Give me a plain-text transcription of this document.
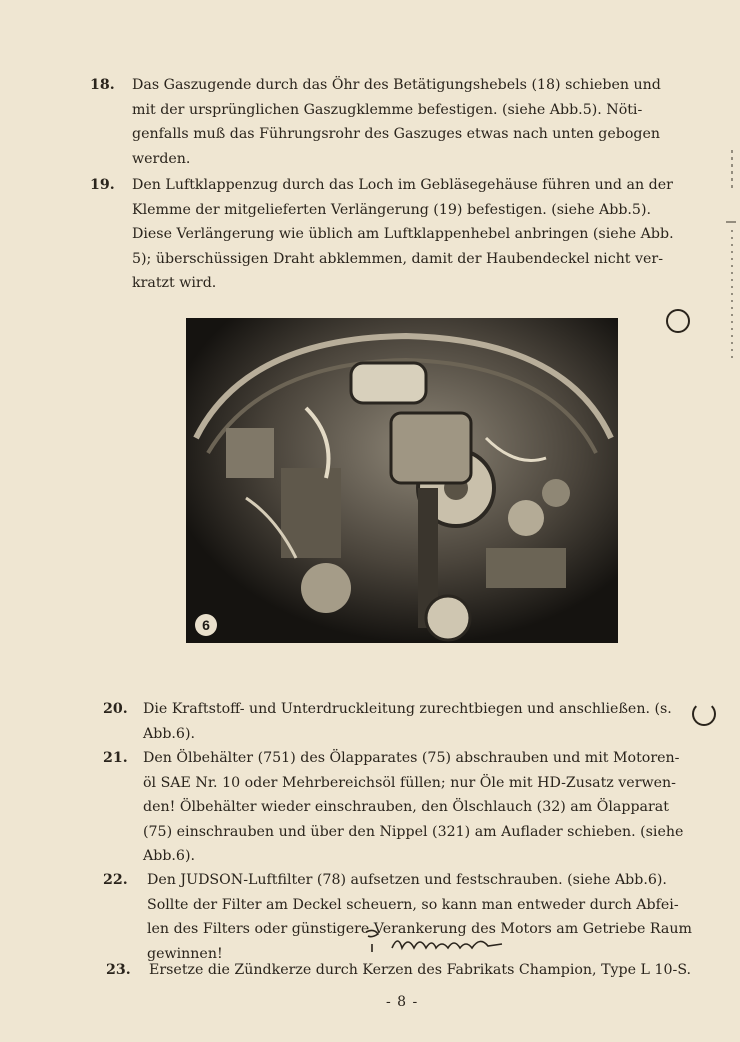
18. Das Gaszugende durch das Öhr des Betätigungshebels (18) schieben und
mit der ursprünglichen Gaszugklemme befestigen. (siehe Abb.5). Nöti-
genfalls muß das Führungsrohr des Gaszuges etwas nach unten gebogen
werden.
19. Den Luftklappenzug durch das Loch im Gebläsegehäuse führen und an der
Klemme der mitgelieferten Verlängerung (19) befestigen. (siehe Abb.5).
Diese Verlängerung wie üblich am Luftklappenhebel anbringen (siehe Abb.
5); überschüssigen Draht abklemmen, damit der Haubendeckel nicht ver-
kratzt wird.
6
20. Die Kraftstoff- und Unterdruckleitung zurechtbiegen und anschließen. (s.
Abb.6).
21. Den Ölbehälter (751) des Ölapparates (75) abschrauben und mit Motoren-
öl SAE Nr. 10 oder Mehrbereichsöl füllen; nur Öle mit HD-Zusatz verwen-
den! Ölbehälter wieder einschrauben, den Ölschlauch (32) am Ölapparat
(75) einschrauben und über den Nippel (321) am Auflader schieben. (siehe
Abb.6).
22. Den JUDSON-Luftfilter (78) aufsetzen und festschrauben. (siehe Abb.6).
Sollte der Filter am Deckel scheuern, so kann man entweder durch Abfei-
len des Filters oder günstigere Verankerung des Motors am Getriebe Raum
gewinnen!
23. Ersetze die Zündkerze durch Kerzen des Fabrikats Champion, Type L 10-S.
- 8 -
